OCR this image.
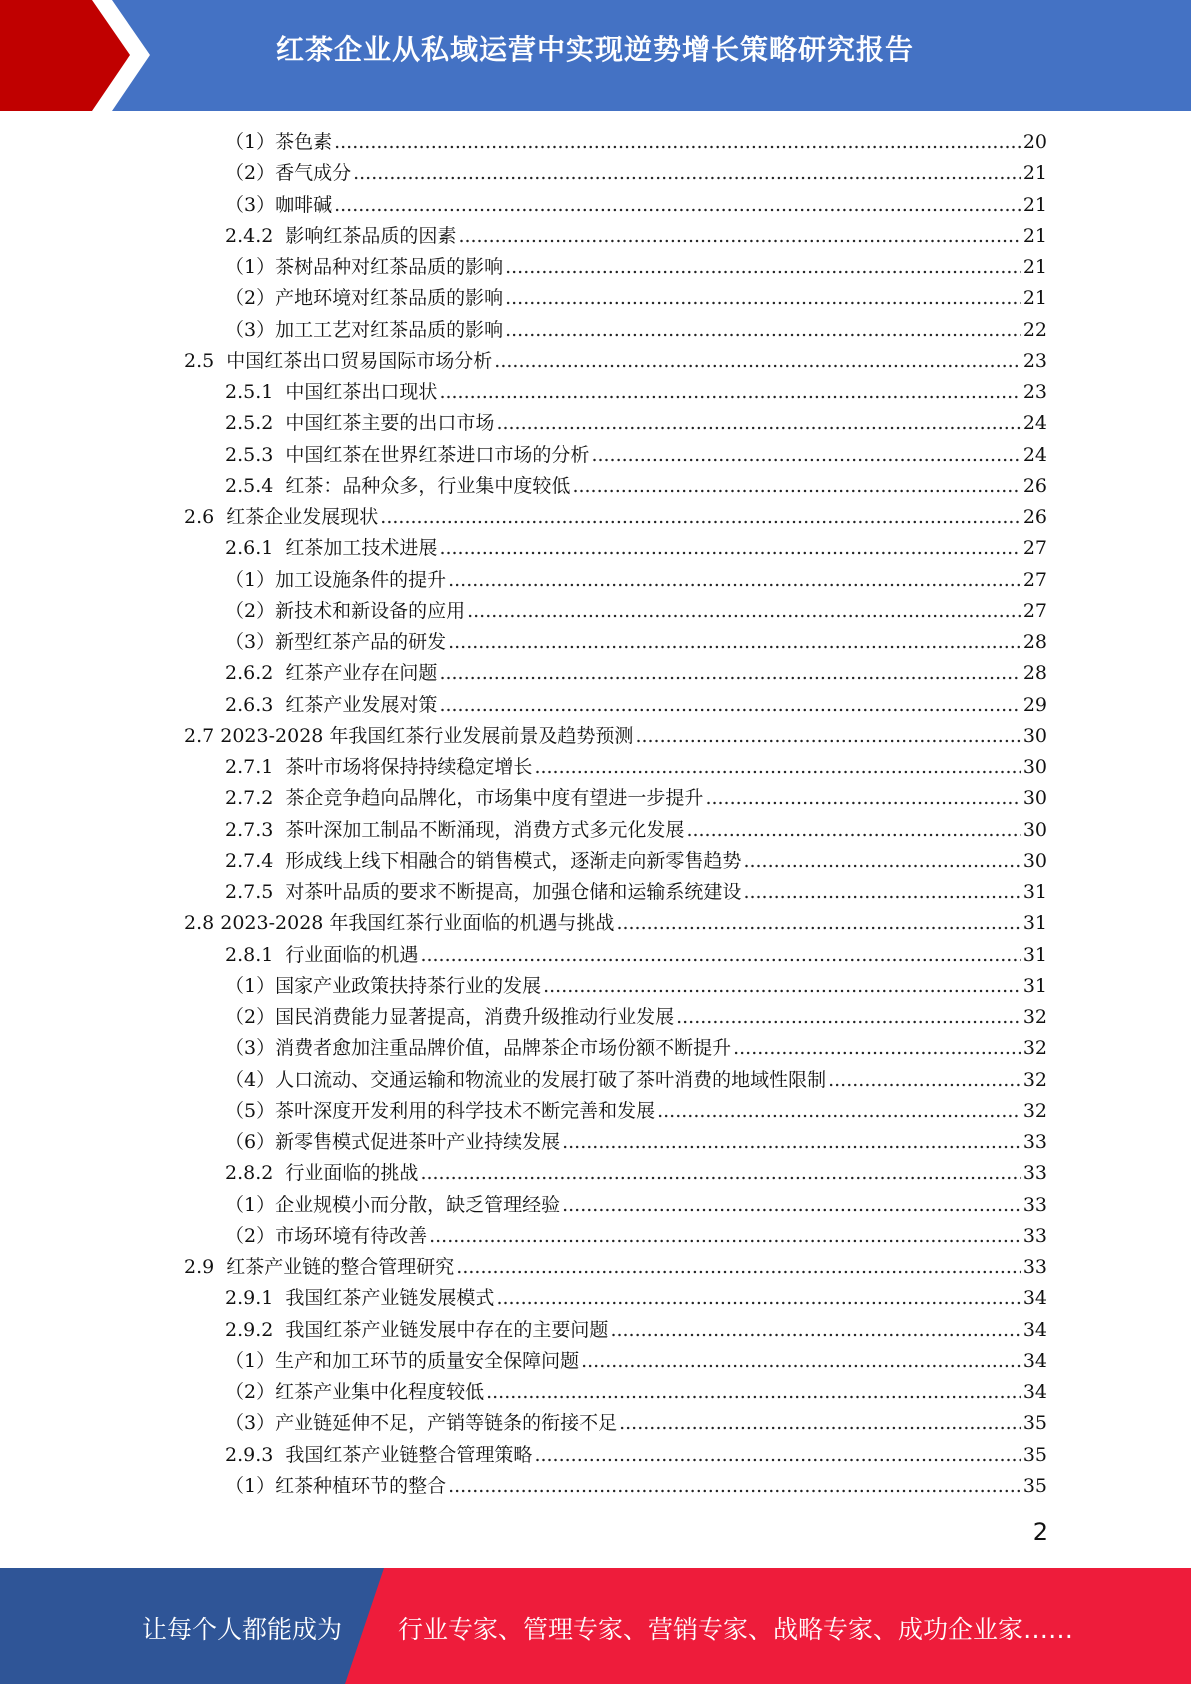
红茶企业从私域运营中实现逆势增长策略研究报告
（1）茶色素 .....	20
（2）香气成分 .....	21
（3）咖啡碱 .....	21
2.4.2  影响红茶品质的因素 .....	21
（1）茶树品种对红茶品质的影响 .....	21
（2）产地环境对红茶品质的影响 .....	21
（3）加工工艺对红茶品质的影响 .....	22
2.5  中国红茶出口贸易国际市场分析 .....	23
2.5.1  中国红茶出口现状 .....	23
2.5.2  中国红茶主要的出口市场 .....	24
2.5.3  中国红茶在世界红茶进口市场的分析 .....	24
2.5.4  红茶：品种众多，行业集中度较低 .....	26
2.6  红茶企业发展现状 .....	26
2.6.1  红茶加工技术进展 .....	27
（1）加工设施条件的提升 .....	27
（2）新技术和新设备的应用 .....	27
（3）新型红茶产品的研发 .....	28
2.6.2  红茶产业存在问题 .....	28
2.6.3  红茶产业发展对策 .....	29
2.7 2023-2028 年我国红茶行业发展前景及趋势预测 .....	30
2.7.1  茶叶市场将保持持续稳定增长 .....	30
2.7.2  茶企竞争趋向品牌化，市场集中度有望进一步提升 .....	30
2.7.3  茶叶深加工制品不断涌现，消费方式多元化发展 .....	30
2.7.4  形成线上线下相融合的销售模式，逐渐走向新零售趋势 .....	30
2.7.5  对茶叶品质的要求不断提高，加强仓储和运输系统建设 .....	31
2.8 2023-2028 年我国红茶行业面临的机遇与挑战 .....	31
2.8.1  行业面临的机遇 .....	31
（1）国家产业政策扶持茶行业的发展 .....	31
（2）国民消费能力显著提高，消费升级推动行业发展 .....	32
（3）消费者愈加注重品牌价值，品牌茶企市场份额不断提升 .....	32
（4）人口流动、交通运输和物流业的发展打破了茶叶消费的地域性限制 .....	32
（5）茶叶深度开发利用的科学技术不断完善和发展 .....	32
（6）新零售模式促进茶叶产业持续发展 .....	33
2.8.2  行业面临的挑战 .....	33
（1）企业规模小而分散，缺乏管理经验 .....	33
（2）市场环境有待改善 .....	33
2.9  红茶产业链的整合管理研究 .....	33
2.9.1  我国红茶产业链发展模式 .....	34
2.9.2  我国红茶产业链发展中存在的主要问题 .....	34
（1）生产和加工环节的质量安全保障问题 .....	34
（2）红茶产业集中化程度较低 .....	34
（3）产业链延伸不足，产销等链条的衔接不足 .....	35
2.9.3  我国红茶产业链整合管理策略 .....	35
（1）红茶种植环节的整合 .....	35
2
让每个人都能成为 行业专家、管理专家、营销专家、战略专家、成功企业家……
